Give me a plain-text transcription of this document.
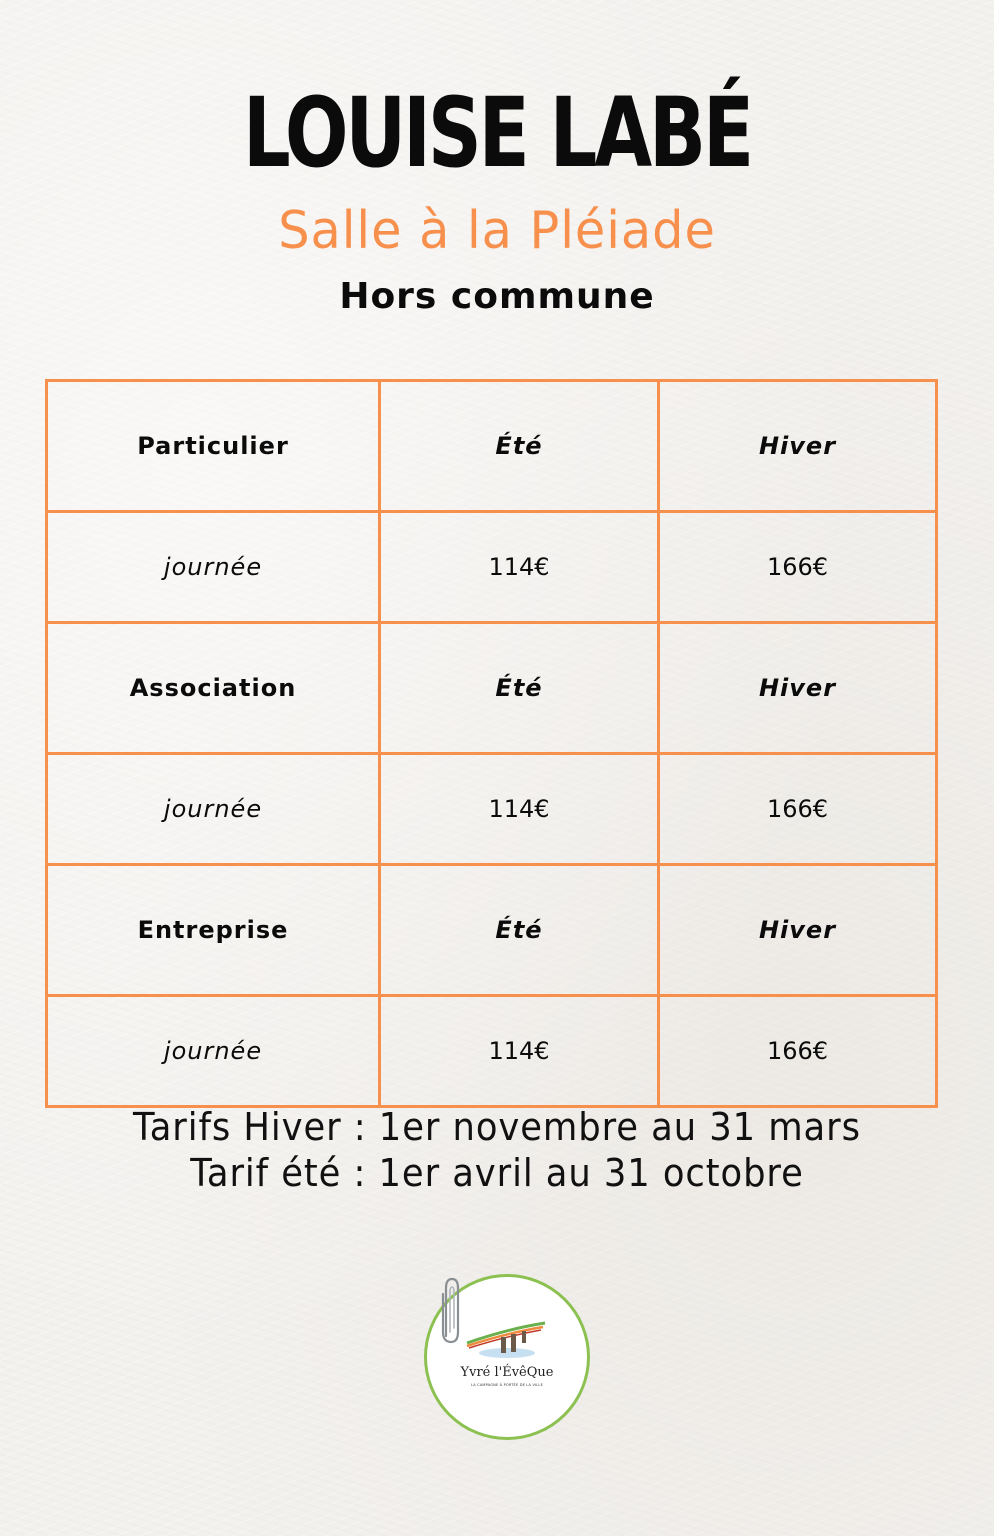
LOUISE LABÉ
Salle à la Pléiade
Hors commune
Particulier	Été	Hiver
journée	114€	166€
Association	Été	Hiver
journée	114€	166€
Entreprise	Été	Hiver
journée	114€	166€
Tarifs Hiver : 1er novembre au 31 mars
Tarif été : 1er avril au 31 octobre
Yvré l'ÉvêQue
LA CAMPAGNE À PORTÉE DE LA VILLE
